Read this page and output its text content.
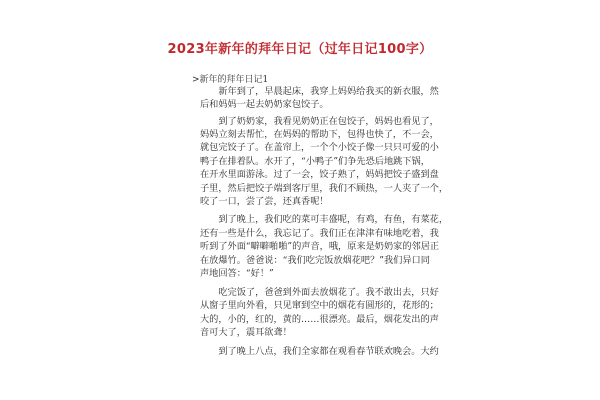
2023年新年的拜年日记（过年日记100字）
>新年的拜年日记1
　　新年到了，早晨起床，我穿上妈妈给我买的新衣服，然
后和妈妈一起去奶奶家包饺子。
　　到了奶奶家，我看见奶奶正在包饺子，妈妈也看见了，
妈妈立刻去帮忙，在妈妈的帮助下，包得也快了，不一会，
就包完饺子了。在盖帘上，一个个小饺子像一只只可爱的小
鸭子在排着队。水开了，“小鸭子”们争先恐后地跳下锅，
在开水里面游泳。过了一会，饺子熟了，妈妈把饺子盛到盘
子里，然后把饺子端到客厅里，我们不顾热，一人夹了一个，
咬了一口，尝了尝，还真香呢！
　　到了晚上，我们吃的菜可丰盛呢，有鸡，有鱼，有菜花，
还有一些是什么，我忘记了。我们正在津津有味地吃着，我
听到了外面“噼噼啪啪”的声音，哦，原来是奶奶家的邻居正
在放爆竹。爸爸说：“我们吃完饭放烟花吧？”我们异口同
声地回答：“好！”
　　吃完饭了，爸爸到外面去放烟花了。我不敢出去，只好
从窗子里向外看，只见窜到空中的烟花有圆形的，花形的；
大的，小的，红的，黄的……很漂亮。最后，烟花发出的声
音可大了，震耳欲聋！
　　到了晚上八点，我们全家都在观看春节联欢晚会。大约
